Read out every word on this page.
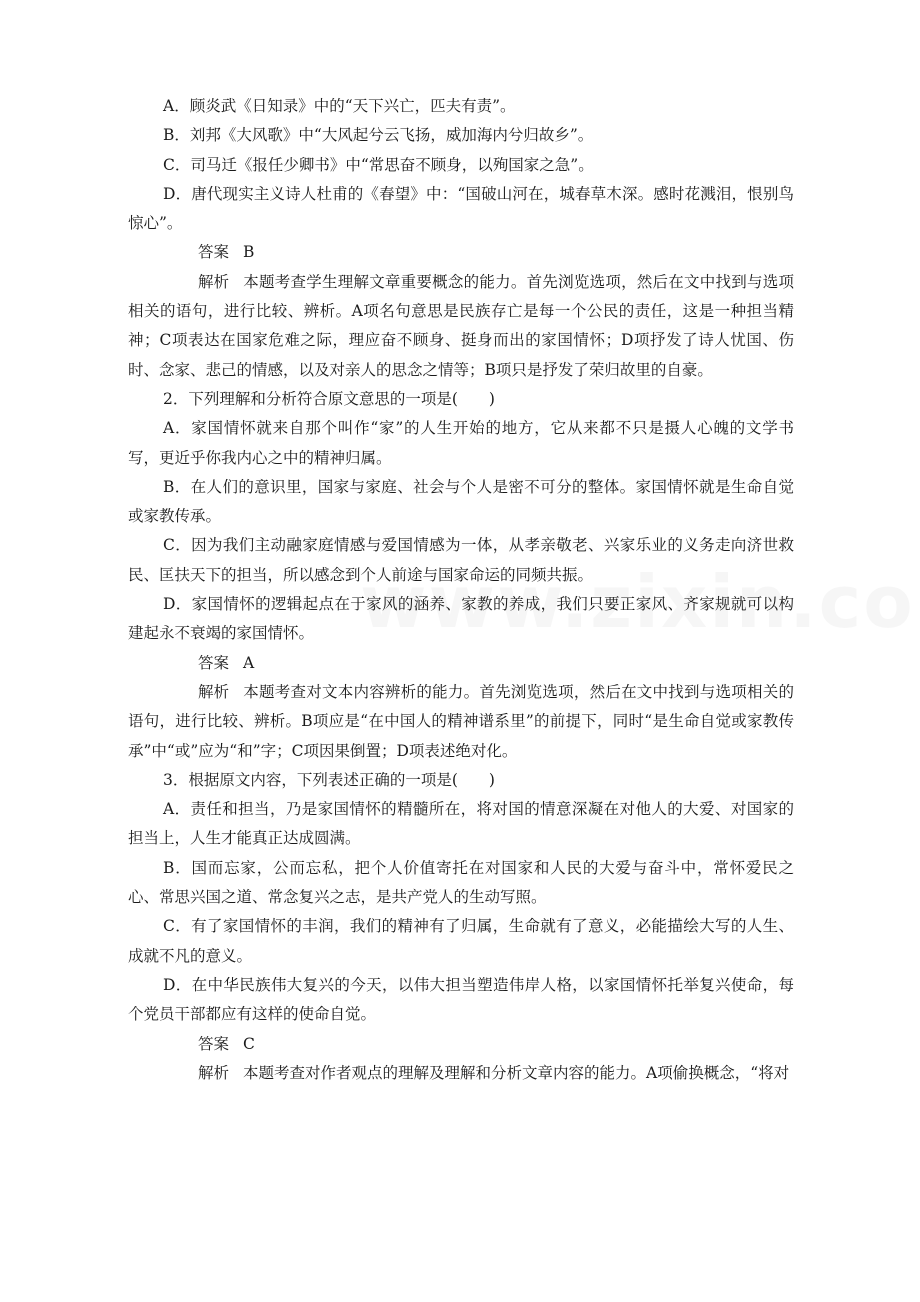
A．顾炎武《日知录》中的“天下兴亡，匹夫有责”。

B．刘邦《大风歌》中“大风起兮云飞扬，威加海内兮归故乡”。

C．司马迁《报任少卿书》中“常思奋不顾身，以殉国家之急”。

D．唐代现实主义诗人杜甫的《春望》中：“国破山河在，城春草木深。感时花溅泪，恨别鸟惊心”。

答案 B

解析 本题考查学生理解文章重要概念的能力。首先浏览选项，然后在文中找到与选项相关的语句，进行比较、辨析。A项名句意思是民族存亡是每一个公民的责任，这是一种担当精神；C项表达在国家危难之际，理应奋不顾身、挺身而出的家国情怀；D项抒发了诗人忧国、伤时、念家、悲己的情感，以及对亲人的思念之情等；B项只是抒发了荣归故里的自豪。

2．下列理解和分析符合原文意思的一项是(　　)

A．家国情怀就来自那个叫作“家”的人生开始的地方，它从来都不只是摄人心魄的文学书写，更近乎你我内心之中的精神归属。

B．在人们的意识里，国家与家庭、社会与个人是密不可分的整体。家国情怀就是生命自觉或家教传承。

C．因为我们主动融家庭情感与爱国情感为一体，从孝亲敬老、兴家乐业的义务走向济世救民、匡扶天下的担当，所以感念到个人前途与国家命运的同频共振。

D．家国情怀的逻辑起点在于家风的涵养、家教的养成，我们只要正家风、齐家规就可以构建起永不衰竭的家国情怀。

答案 A

解析 本题考查对文本内容辨析的能力。首先浏览选项，然后在文中找到与选项相关的语句，进行比较、辨析。B项应是“在中国人的精神谱系里”的前提下，同时“是生命自觉或家教传承”中“或”应为“和”字；C项因果倒置；D项表述绝对化。

3．根据原文内容，下列表述正确的一项是(　　)

A．责任和担当，乃是家国情怀的精髓所在，将对国的情意深凝在对他人的大爱、对国家的担当上，人生才能真正达成圆满。

B．国而忘家，公而忘私，把个人价值寄托在对国家和人民的大爱与奋斗中，常怀爱民之心、常思兴国之道、常念复兴之志，是共产党人的生动写照。

C．有了家国情怀的丰润，我们的精神有了归属，生命就有了意义，必能描绘大写的人生、成就不凡的意义。

D．在中华民族伟大复兴的今天，以伟大担当塑造伟岸人格，以家国情怀托举复兴使命，每个党员干部都应有这样的使命自觉。

答案 C

解析 本题考查对作者观点的理解及理解和分析文章内容的能力。A项偷换概念，“将对
